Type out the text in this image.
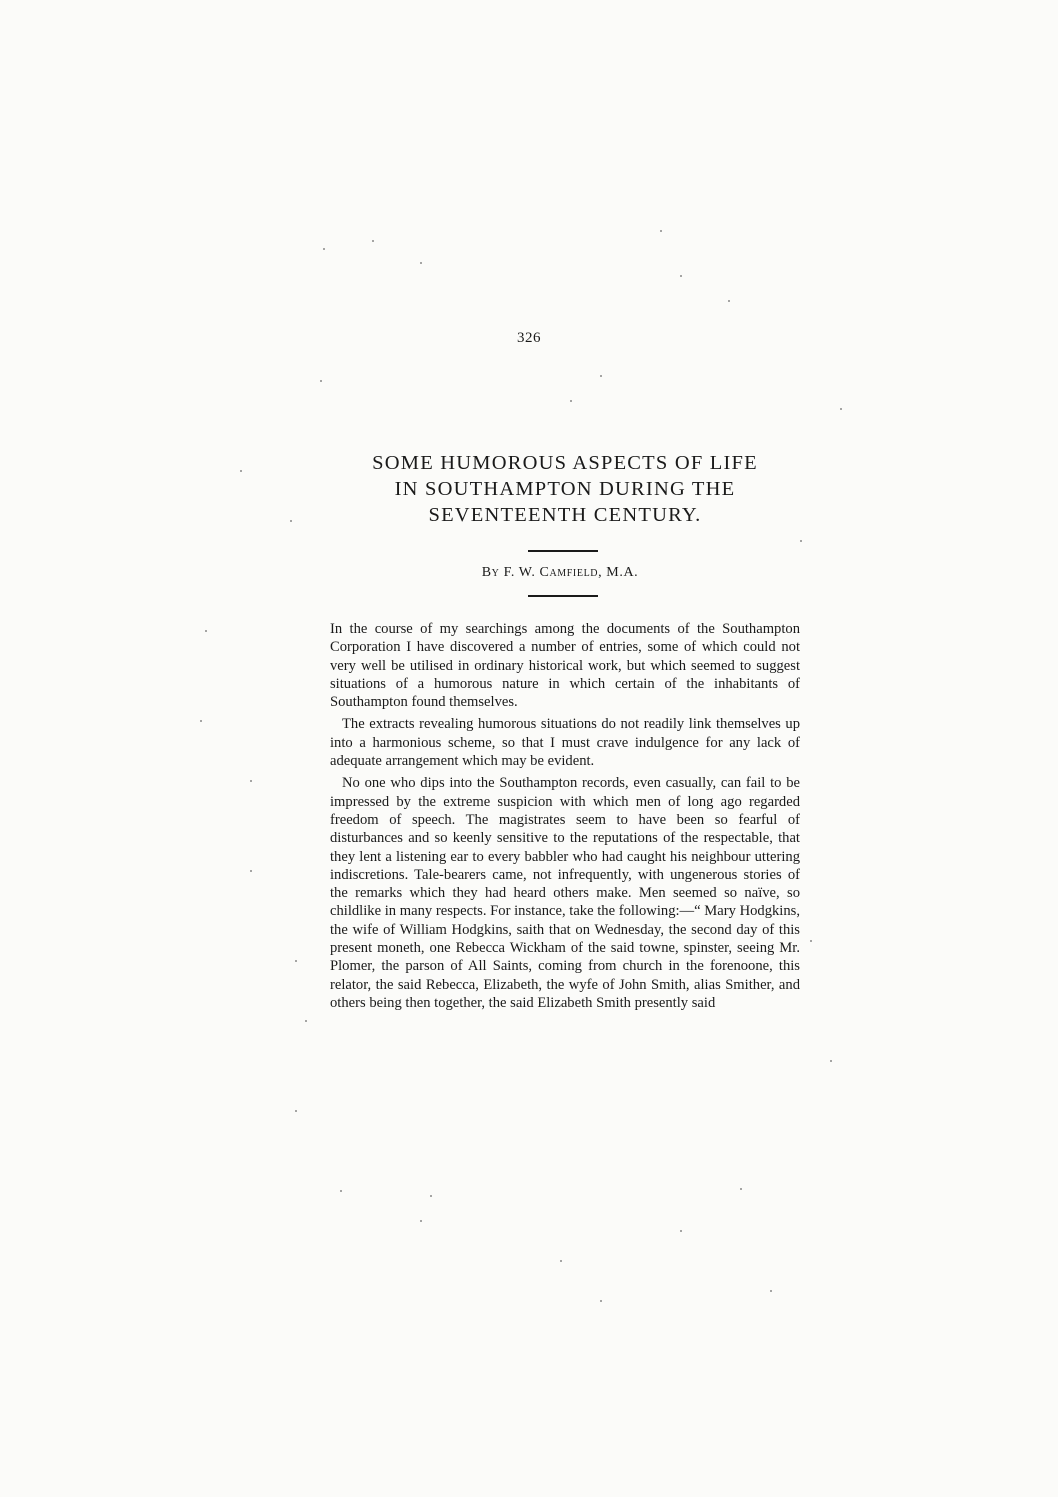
326
SOME HUMOROUS ASPECTS OF LIFE
IN SOUTHAMPTON DURING THE
SEVENTEENTH CENTURY.
By F. W. Camfield, M.A.

In the course of my searchings among the documents of the Southampton Corporation I have discovered a number of entries, some of which could not very well be utilised in ordinary historical work, but which seemed to suggest situations of a humorous nature in which certain of the inhabitants of Southampton found themselves.

The extracts revealing humorous situations do not readily link themselves up into a harmonious scheme, so that I must crave indulgence for any lack of adequate arrangement which may be evident.

No one who dips into the Southampton records, even casually, can fail to be impressed by the extreme suspicion with which men of long ago regarded freedom of speech. The magistrates seem to have been so fearful of disturbances and so keenly sensitive to the reputations of the respectable, that they lent a listening ear to every babbler who had caught his neighbour uttering indiscretions. Tale-bearers came, not infrequently, with ungenerous stories of the remarks which they had heard others make. Men seemed so naïve, so childlike in many respects. For instance, take the following:—“ Mary Hodgkins, the wife of William Hodgkins, saith that on Wednesday, the second day of this present moneth, one Rebecca Wickham of the said towne, spinster, seeing Mr. Plomer, the parson of All Saints, coming from church in the forenoone, this relator, the said Rebecca, Elizabeth, the wyfe of John Smith, alias Smither, and others being then together, the said Elizabeth Smith presently said
